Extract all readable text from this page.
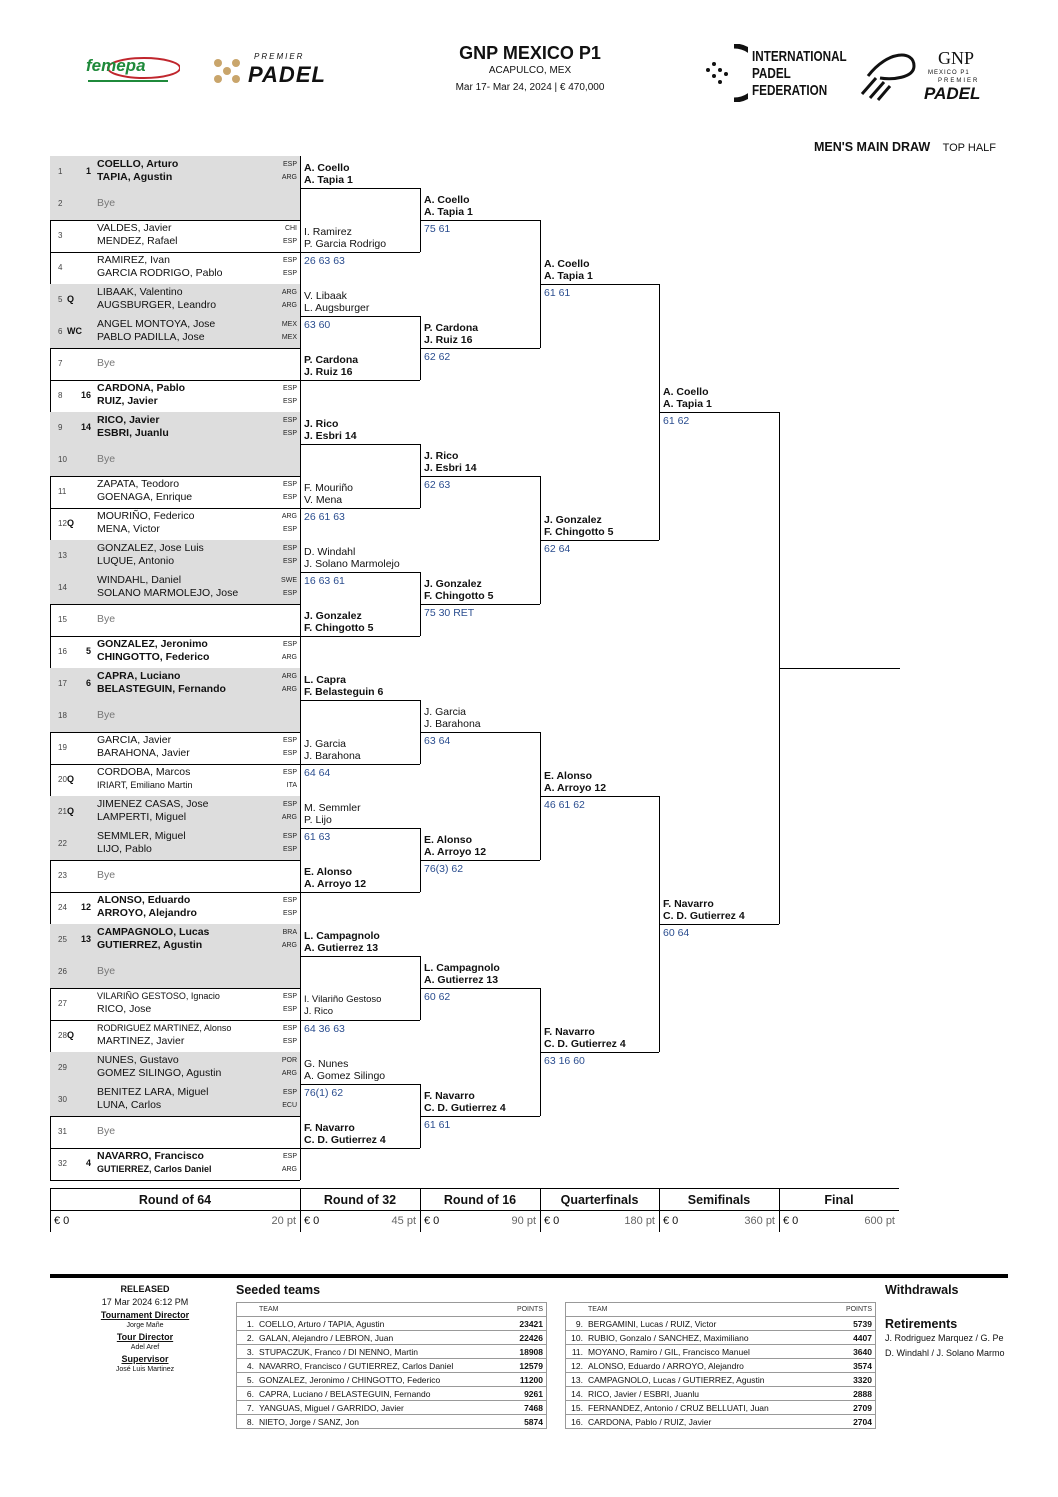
femepa	PREMIER
PADEL
GNP MEXICO P1
ACAPULCO, MEX
Mar 17- Mar 24, 2024 | € 470,000
INTERNATIONAL
PADEL
FEDERATION
GNP
MEXICO P1
PREMIER
PADEL
MEN'S MAIN DRAW TOP HALF
A. Coello
A. Tapia 1
I. Ramirez
P. Garcia Rodrigo
26 63 63
V. Libaak
L. Augsburger
63 60
P. Cardona
J. Ruiz 16
J. Rico
J. Esbri 14
F. Mouriño
V. Mena
26 61 63
D. Windahl
J. Solano Marmolejo
16 63 61
J. Gonzalez
F. Chingotto 5
L. Capra
F. Belasteguin 6
J. Garcia
J. Barahona
64 64
M. Semmler
P. Lijo
61 63
E. Alonso
A. Arroyo 12
L. Campagnolo
A. Gutierrez 13
I. Vilariño Gestoso
J. Rico
64 36 63
G. Nunes
A. Gomez Silingo
76(1) 62
F. Navarro
C. D. Gutierrez 4
A. Coello
A. Tapia 1
75 61
P. Cardona
J. Ruiz 16
62 62
J. Rico
J. Esbri 14
62 63
J. Gonzalez
F. Chingotto 5
75 30 RET
J. Garcia
J. Barahona
63 64
E. Alonso
A. Arroyo 12
76(3) 62
L. Campagnolo
A. Gutierrez 13
60 62
F. Navarro
C. D. Gutierrez 4
61 61
A. Coello
A. Tapia 1
61 61
J. Gonzalez
F. Chingotto 5
62 64
E. Alonso
A. Arroyo 12
46 61 62
F. Navarro
C. D. Gutierrez 4
63 16 60
A. Coello
A. Tapia 1
61 62
F. Navarro
C. D. Gutierrez 4
60 64
1	1
COELLO, Arturo
TAPIA, Agustin
ESP
ARG
2	Bye
3
VALDES, Javier
MENDEZ, Rafael
CHI
ESP
4
RAMIREZ, Ivan
GARCIA RODRIGO, Pablo
ESP
ESP
5 Q
LIBAAK, Valentino
AUGSBURGER, Leandro
ARG
ARG
6 WC
ANGEL MONTOYA, Jose
PABLO PADILLA, Jose
MEX
MEX
7	Bye
8 16
CARDONA, Pablo
RUIZ, Javier
ESP
ESP
9 14
RICO, Javier
ESBRI, Juanlu
ESP
ESP
10	Bye
11
ZAPATA, Teodoro
GOENAGA, Enrique
ESP
ESP
12 Q
MOURIÑO, Federico
MENA, Victor
ARG
ESP
13
GONZALEZ, Jose Luis
LUQUE, Antonio
ESP
ESP
14
WINDAHL, Daniel
SOLANO MARMOLEJO, Jose
SWE
ESP
15	Bye
16 5
GONZALEZ, Jeronimo
CHINGOTTO, Federico
ESP
ARG
17 6
CAPRA, Luciano
BELASTEGUIN, Fernando
ARG
ARG
18	Bye
19
GARCIA, Javier
BARAHONA, Javier
ESP
ESP
20 Q
CORDOBA, Marcos
IRIART, Emiliano Martin
ESP
ITA
21 Q
JIMENEZ CASAS, Jose
LAMPERTI, Miguel
ESP
ARG
22
SEMMLER, Miguel
LIJO, Pablo
ESP
ESP
23	Bye
24 12
ALONSO, Eduardo
ARROYO, Alejandro
ESP
ESP
25 13
CAMPAGNOLO, Lucas
GUTIERREZ, Agustin
BRA
ARG
26	Bye
27
VILARIÑO GESTOSO, Ignacio
RICO, Jose
ESP
ESP
28 Q
RODRIGUEZ MARTINEZ, Alonso
MARTINEZ, Javier
ESP
ESP
29
NUNES, Gustavo
GOMEZ SILINGO, Agustin
POR
ARG
30
BENITEZ LARA, Miguel
LUNA, Carlos
ESP
ECU
31	Bye
32 4
NAVARRO, Francisco
GUTIERREZ, Carlos Daniel
ESP
ARG
Round of 64
€ 0	20 pt
Round of 32
€ 0	45 pt
Round of 16
€ 0	90 pt
Quarterfinals
€ 0	180 pt
Semifinals
€ 0	360 pt
Final
€ 0	600 pt
RELEASED
17 Mar 2024 6:12 PM
Tournament Director
Jorge Mañe
Tour Director
Adel Aref
Supervisor
José Luis Martinez
Seeded teams
	TEAM	POINTS
1.	COELLO, Arturo / TAPIA, Agustin	23421
2.	GALAN, Alejandro / LEBRON, Juan	22426
3.	STUPACZUK, Franco / DI NENNO, Martin	18908
4.	NAVARRO, Francisco / GUTIERREZ, Carlos Daniel	12579
5.	GONZALEZ, Jeronimo / CHINGOTTO, Federico	11200
6.	CAPRA, Luciano / BELASTEGUIN, Fernando	9261
7.	YANGUAS, Miguel / GARRIDO, Javier	7468
8.	NIETO, Jorge / SANZ, Jon	5874
	TEAM	POINTS
9.	BERGAMINI, Lucas / RUIZ, Victor	5739
10.	RUBIO, Gonzalo / SANCHEZ, Maximiliano	4407
11.	MOYANO, Ramiro / GIL, Francisco Manuel	3640
12.	ALONSO, Eduardo / ARROYO, Alejandro	3574
13.	CAMPAGNOLO, Lucas / GUTIERREZ, Agustin	3320
14.	RICO, Javier / ESBRI, Juanlu	2888
15.	FERNANDEZ, Antonio / CRUZ BELLUATI, Juan	2709
16.	CARDONA, Pablo / RUIZ, Javier	2704
Withdrawals
Retirements
J. Rodriguez Marquez / G. Pe
D. Windahl / J. Solano Marmo
